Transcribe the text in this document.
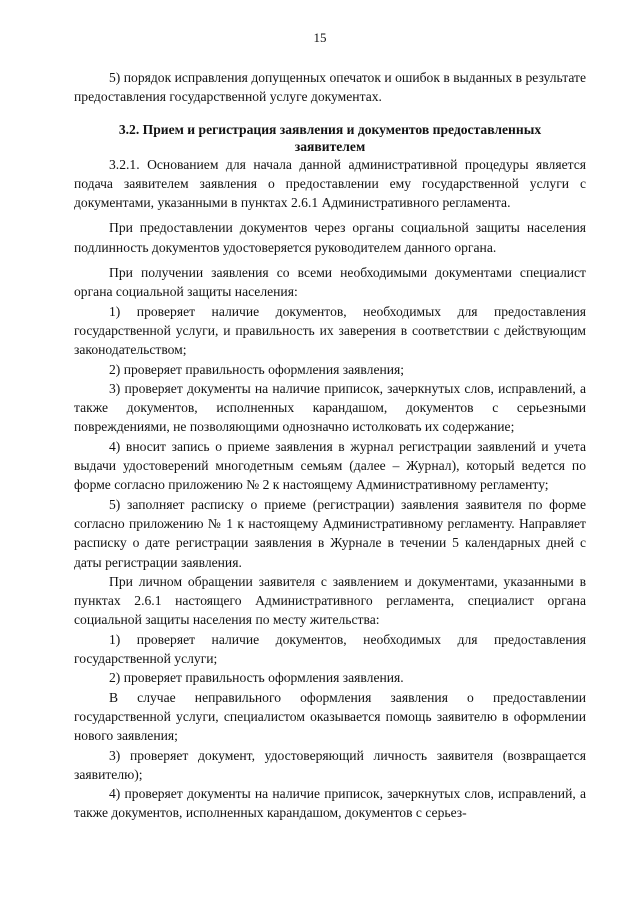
15

5) порядок исправления допущенных опечаток и ошибок в выданных в результате предоставления государственной услуге документах.

3.2. Прием и регистрация заявления и документов предоставленных заявителем

3.2.1. Основанием для начала данной административной процедуры является подача заявителем заявления о предоставлении ему государственной услуги с документами, указанными в пунктах 2.6.1 Административного регламента.

При предоставлении документов через органы социальной защиты населения подлинность документов удостоверяется руководителем данного органа.

При получении заявления со всеми необходимыми документами специалист органа социальной защиты населения:

1) проверяет наличие документов, необходимых для предоставления государственной услуги, и правильность их заверения в соответствии с действующим законодательством;

2) проверяет правильность оформления заявления;

3) проверяет документы на наличие приписок, зачеркнутых слов, исправлений, а также документов, исполненных карандашом, документов с серьезными повреждениями, не позволяющими однозначно истолковать их содержание;

4) вносит запись о приеме заявления в журнал регистрации заявлений и учета выдачи удостоверений многодетным семьям (далее – Журнал), который ведется по форме согласно приложению № 2 к настоящему Административному регламенту;

5) заполняет расписку о приеме (регистрации) заявления заявителя по форме согласно приложению № 1 к настоящему Административному регламенту. Направляет расписку о дате регистрации заявления в Журнале в течении 5 календарных дней с даты регистрации заявления.

При личном обращении заявителя с заявлением и документами, указанными в пунктах 2.6.1 настоящего Административного регламента, специалист органа социальной защиты населения по месту жительства:

1) проверяет наличие документов, необходимых для предоставления государственной услуги;

2) проверяет правильность оформления заявления.

В случае неправильного оформления заявления о предоставлении государственной услуги, специалистом оказывается помощь заявителю в оформлении нового заявления;

3) проверяет документ, удостоверяющий личность заявителя (возвращается заявителю);

4) проверяет документы на наличие приписок, зачеркнутых слов, исправлений, а также документов, исполненных карандашом, документов с серьез-
